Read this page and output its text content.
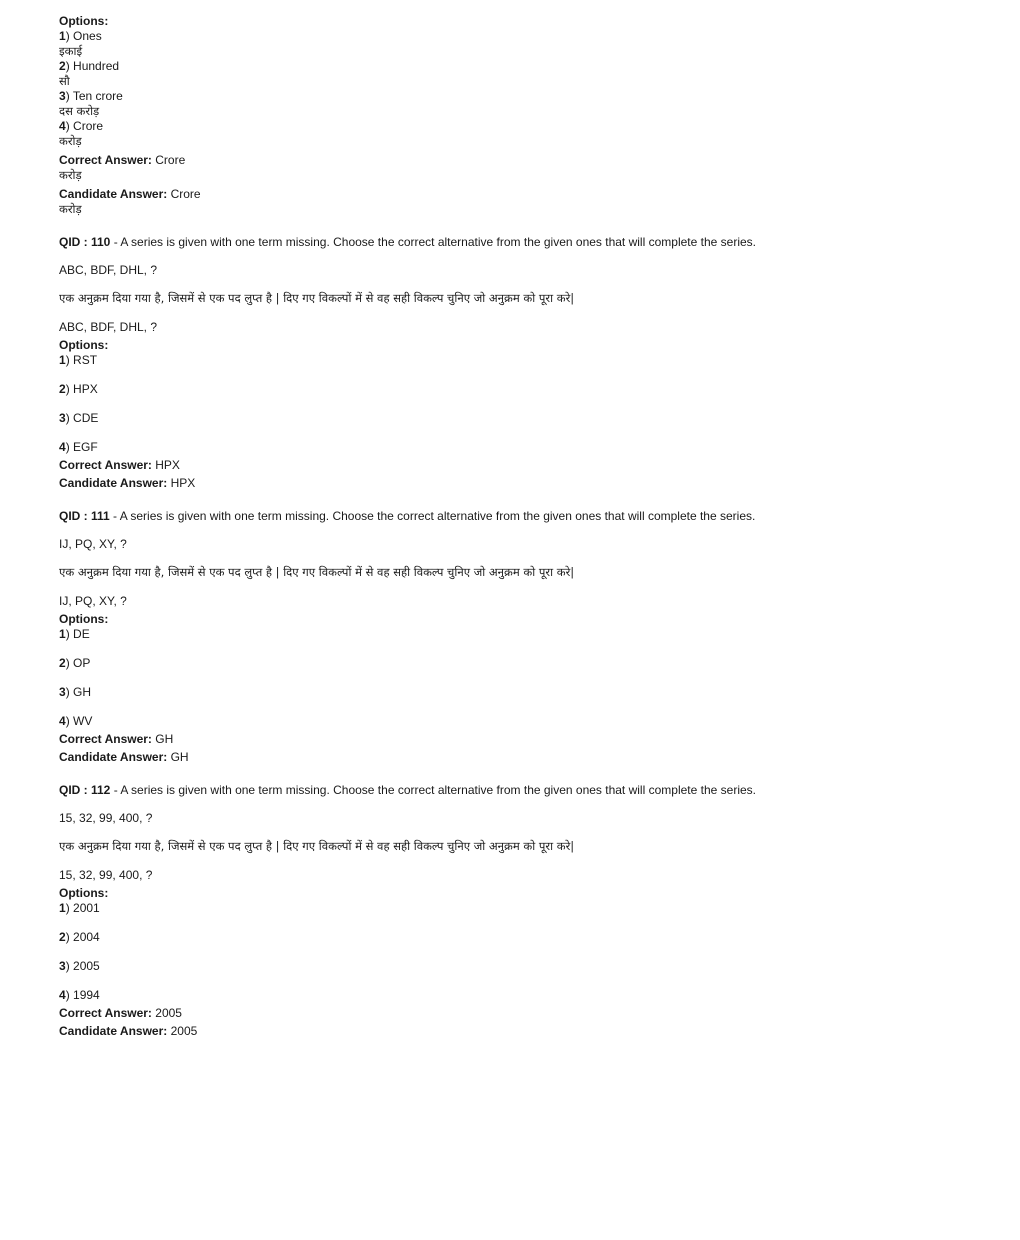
Options:
1) Ones
इकाई
2) Hundred
सौ
3) Ten crore
दस करोड़
4) Crore
करोड़
Correct Answer: Crore
करोड़
Candidate Answer: Crore
करोड़
QID : 110 - A series is given with one term missing. Choose the correct alternative from the given ones that will complete the series.
ABC, BDF, DHL, ?
एक अनुक्रम दिया गया है, जिसमें से एक पद लुप्त है | दिए गए विकल्पों में से वह सही विकल्प चुनिए जो अनुक्रम को पूरा करे|
ABC, BDF, DHL, ?
Options:
1) RST
2) HPX
3) CDE
4) EGF
Correct Answer: HPX
Candidate Answer: HPX
QID : 111 - A series is given with one term missing. Choose the correct alternative from the given ones that will complete the series.
IJ, PQ, XY, ?
एक अनुक्रम दिया गया है, जिसमें से एक पद लुप्त है | दिए गए विकल्पों में से वह सही विकल्प चुनिए जो अनुक्रम को पूरा करे|
IJ, PQ, XY, ?
Options:
1) DE
2) OP
3) GH
4) WV
Correct Answer: GH
Candidate Answer: GH
QID : 112 - A series is given with one term missing. Choose the correct alternative from the given ones that will complete the series.
15, 32, 99, 400, ?
एक अनुक्रम दिया गया है, जिसमें से एक पद लुप्त है | दिए गए विकल्पों में से वह सही विकल्प चुनिए जो अनुक्रम को पूरा करे|
15, 32, 99, 400, ?
Options:
1) 2001
2) 2004
3) 2005
4) 1994
Correct Answer: 2005
Candidate Answer: 2005
